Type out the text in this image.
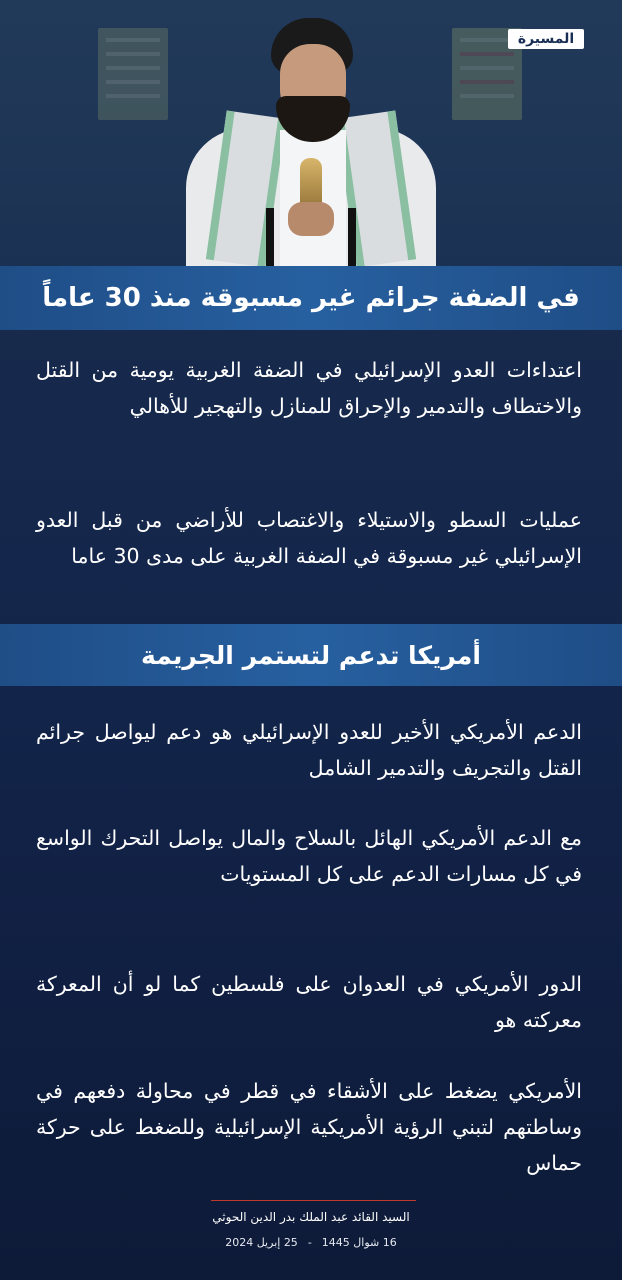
المسيرة
في الضفة جرائم غير مسبوقة منذ 30 عاماً

اعتداءات العدو الإسرائيلي في الضفة الغربية يومية من القتل والاختطاف والتدمير والإحراق للمنازل والتهجير للأهالي

عمليات السطو والاستيلاء والاغتصاب للأراضي من قبل العدو الإسرائيلي غير مسبوقة في الضفة الغربية على مدى 30 عاما

أمريكا تدعم لتستمر الجريمة

الدعم الأمريكي الأخير للعدو الإسرائيلي هو دعم ليواصل جرائم القتل والتجريف والتدمير الشامل

مع الدعم الأمريكي الهائل بالسلاح والمال يواصل التحرك الواسع في كل مسارات الدعم على كل المستويات

الدور الأمريكي في العدوان على فلسطين كما لو أن المعركة معركته هو

الأمريكي يضغط على الأشقاء في قطر في محاولة دفعهم في وساطتهم لتبني الرؤية الأمريكية الإسرائيلية وللضغط على حركة حماس

السيد القائد عبد الملك بدر الدين الحوثي
16 شوال 1445-25 إبريل 2024
